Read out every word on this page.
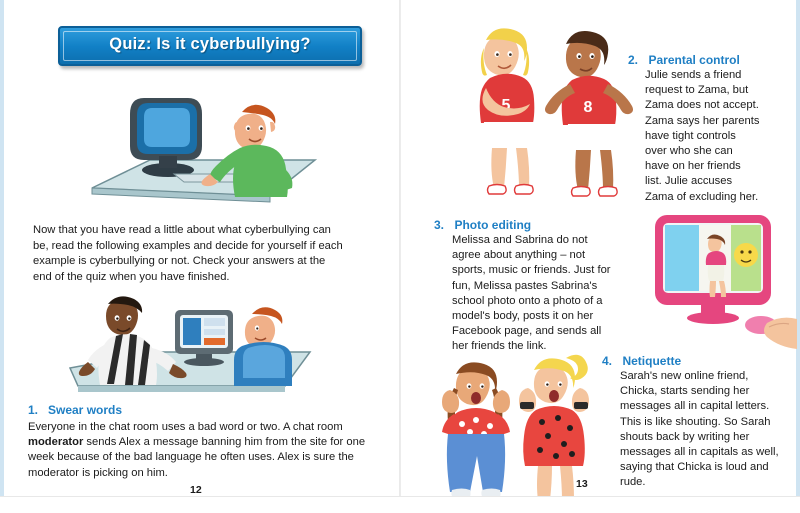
Quiz: Is it cyberbullying?

Now that you have read a little about what cyberbullying can be, read the following examples and decide for yourself if each example is cyberbullying or not. Check your answers at the end of the quiz when you have finished.

1. Swear words
Everyone in the chat room uses a bad word or two. A chat room moderator sends Alex a message banning him from the site for one week because of the bad language he often uses. Alex is sure the moderator is picking on him.
12
5	8
2. Parental control
Julie sends a friend request to Zama, but Zama does not accept. Zama says her parents have tight controls over who she can have on her friends list. Julie accuses Zama of excluding her.
3. Photo editing
Melissa and Sabrina do not agree about anything – not sports, music or friends. Just for fun, Melissa pastes Sabrina's school photo onto a photo of a model's body, posts it on her Facebook page, and sends all her friends the link.
4. Netiquette
Sarah's new online friend, Chicka, starts sending her messages all in capital letters. This is like shouting. So Sarah shouts back by writing her messages all in capitals as well, saying that Chicka is loud and rude.
13
